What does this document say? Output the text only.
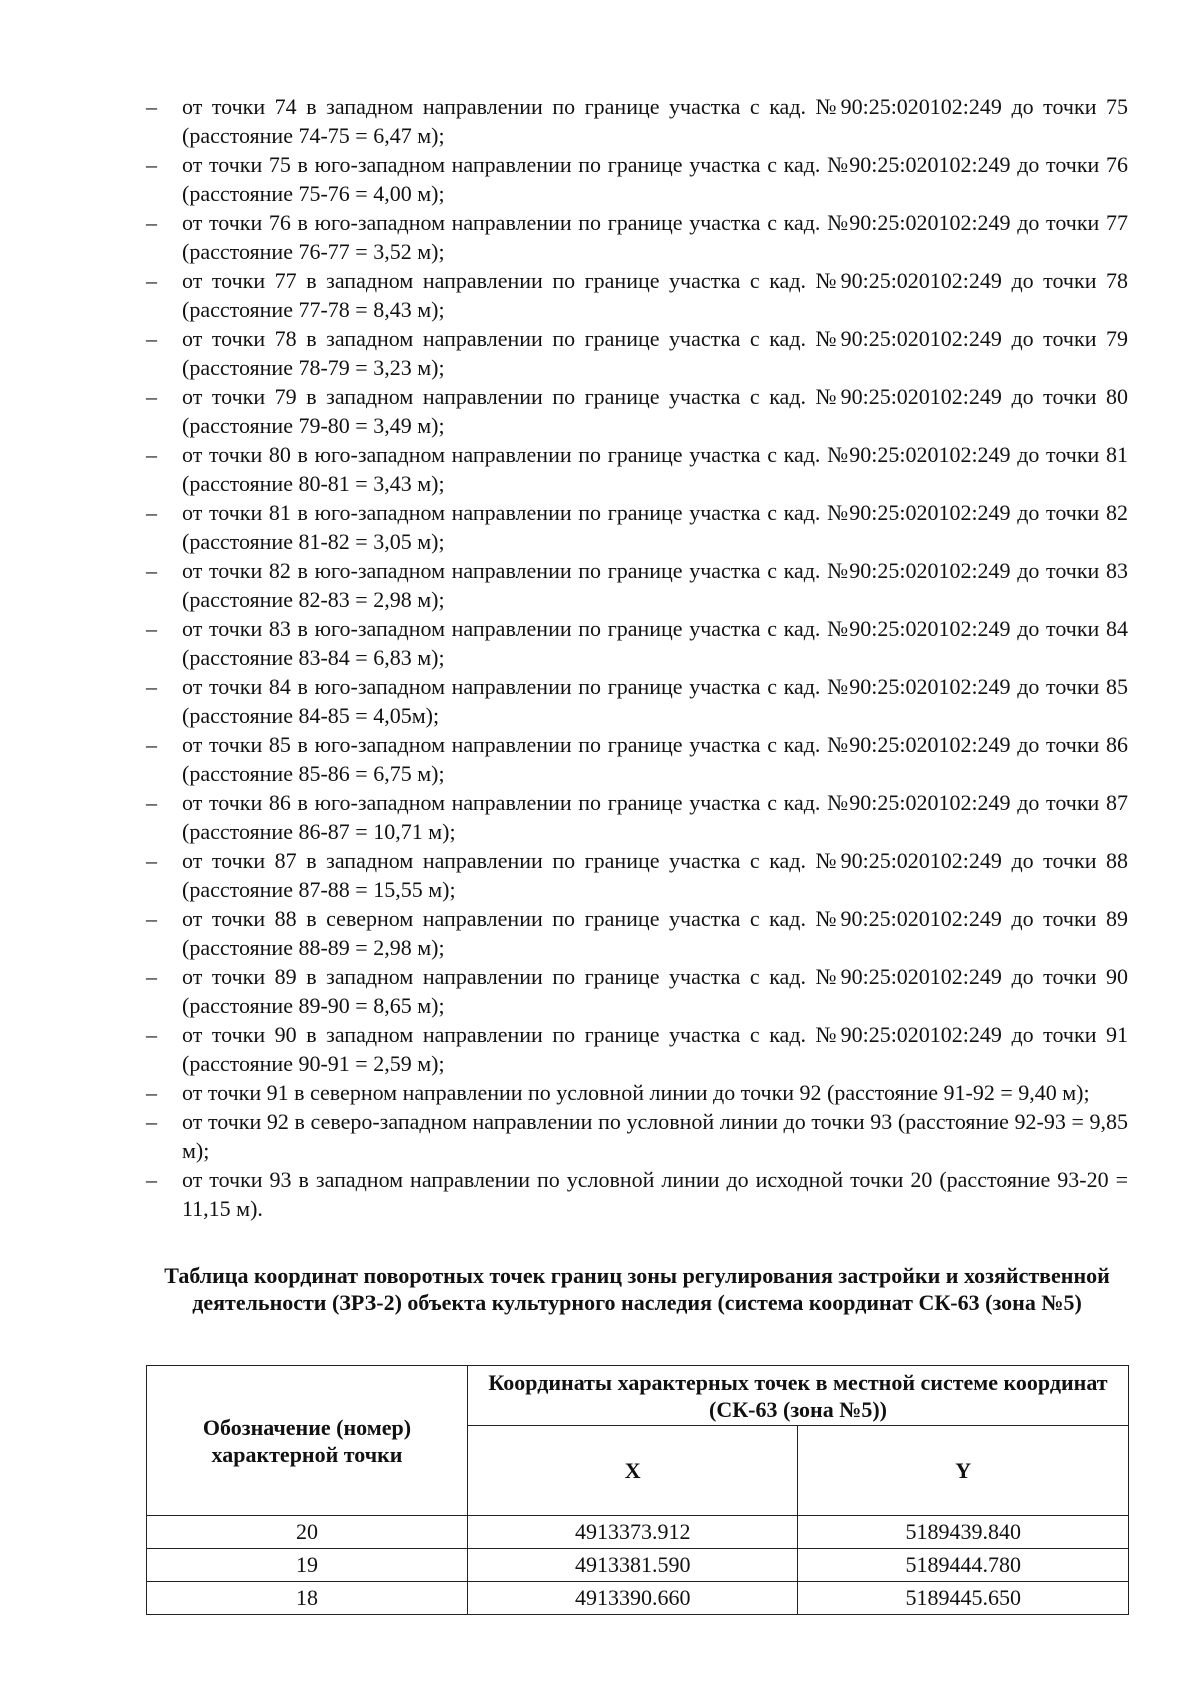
–	от точки 74 в западном направлении по границе участка с кад. №90:25:020102:249 до точки 75 (расстояние 74-75 = 6,47 м);
–	от точки 75 в юго-западном направлении по границе участка с кад. №90:25:020102:249 до точки 76 (расстояние 75-76 = 4,00 м);
–	от точки 76 в юго-западном направлении по границе участка с кад. №90:25:020102:249 до точки 77 (расстояние 76-77 = 3,52 м);
–	от точки 77 в западном направлении по границе участка с кад. №90:25:020102:249 до точки 78 (расстояние 77-78 = 8,43 м);
–	от точки 78 в западном направлении по границе участка с кад. №90:25:020102:249 до точки 79 (расстояние 78-79 = 3,23 м);
–	от точки 79 в западном направлении по границе участка с кад. №90:25:020102:249 до точки 80 (расстояние 79-80 = 3,49 м);
–	от точки 80 в юго-западном направлении по границе участка с кад. №90:25:020102:249 до точки 81 (расстояние 80-81 = 3,43 м);
–	от точки 81 в юго-западном направлении по границе участка с кад. №90:25:020102:249 до точки 82 (расстояние 81-82 = 3,05 м);
–	от точки 82 в юго-западном направлении по границе участка с кад. №90:25:020102:249 до точки 83 (расстояние 82-83 = 2,98 м);
–	от точки 83 в юго-западном направлении по границе участка с кад. №90:25:020102:249 до точки 84 (расстояние 83-84 = 6,83 м);
–	от точки 84 в юго-западном направлении по границе участка с кад. №90:25:020102:249 до точки 85 (расстояние 84-85 = 4,05м);
–	от точки 85 в юго-западном направлении по границе участка с кад. №90:25:020102:249 до точки 86 (расстояние 85-86 = 6,75 м);
–	от точки 86 в юго-западном направлении по границе участка с кад. №90:25:020102:249 до точки 87 (расстояние 86-87 = 10,71 м);
–	от точки 87 в западном направлении по границе участка с кад. №90:25:020102:249 до точки 88 (расстояние 87-88 = 15,55 м);
–	от точки 88 в северном направлении по границе участка с кад. №90:25:020102:249 до точки 89 (расстояние 88-89 = 2,98 м);
–	от точки 89 в западном направлении по границе участка с кад. №90:25:020102:249 до точки 90 (расстояние 89-90 = 8,65 м);
–	от точки 90 в западном направлении по границе участка с кад. №90:25:020102:249 до точки 91 (расстояние 90-91 = 2,59 м);
–	от точки 91 в северном направлении по условной линии до точки 92 (расстояние 91-92 = 9,40 м);
–	от точки 92 в северо-западном направлении по условной линии до точки 93 (расстояние 92-93 = 9,85 м);
–	от точки 93 в западном направлении по условной линии до исходной точки 20 (расстояние 93-20 = 11,15 м).
Таблица координат поворотных точек границ зоны регулирования застройки и хозяйственной деятельности (ЗРЗ-2) объекта культурного наследия (система координат СК-63 (зона №5)
Обозначение (номер) характерной точки	Координаты характерных точек в местной системе координат (СК-63 (зона №5))	
	X	Y
20	4913373.912	5189439.840
19	4913381.590	5189444.780
18	4913390.660	5189445.650
